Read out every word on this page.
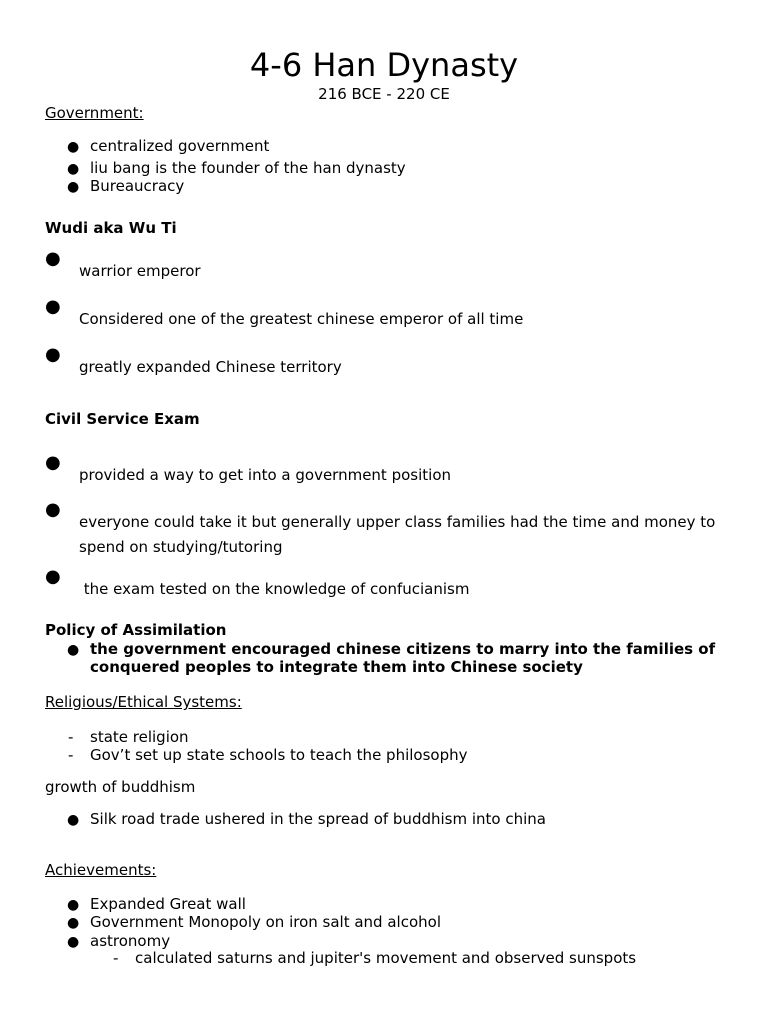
4-6 Han Dynasty
216 BCE - 220 CE
Government:
● centralized government
● liu bang is the founder of the han dynasty
● Bureaucracy
Wudi aka Wu Ti
●
warrior emperor
●
Considered one of the greatest chinese emperor of all time
●
greatly expanded Chinese territory
Civil Service Exam
●
provided a way to get into a government position
●
everyone could take it but generally upper class families had the time and money to
spend on studying/tutoring
●
the exam tested on the knowledge of confucianism
Policy of Assimilation
● the government encouraged chinese citizens to marry into the families of
conquered peoples to integrate them into Chinese society
Religious/Ethical Systems:
- state religion
- Gov’t set up state schools to teach the philosophy
growth of buddhism
● Silk road trade ushered in the spread of buddhism into china
Achievements:
● Expanded Great wall
● Government Monopoly on iron salt and alcohol
● astronomy
- calculated saturns and jupiter's movement and observed sunspots
